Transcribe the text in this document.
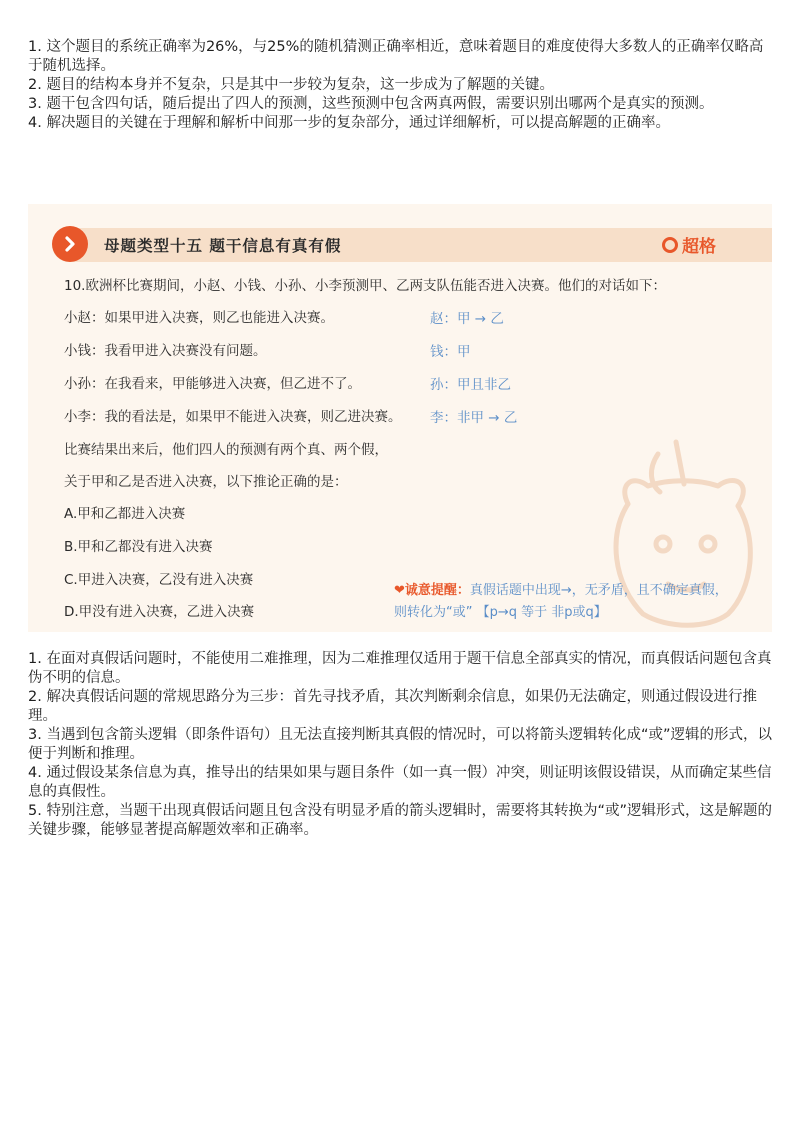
1. 这个题目的系统正确率为26%，与25%的随机猜测正确率相近，意味着题目的难度使得大多数人的正确率仅略高于随机选择。

2. 题目的结构本身并不复杂，只是其中一步较为复杂，这一步成为了解题的关键。

3. 题干包含四句话，随后提出了四人的预测，这些预测中包含两真两假，需要识别出哪两个是真实的预测。

4. 解决题目的关键在于理解和解析中间那一步的复杂部分，通过详细解析，可以提高解题的正确率。

母题类型十五 题干信息有真有假	超格
10.欧洲杯比赛期间，小赵、小钱、小孙、小李预测甲、乙两支队伍能否进入决赛。他们的对话如下：
小赵：如果甲进入决赛，则乙也能进入决赛。	赵：甲 → 乙
小钱：我看甲进入决赛没有问题。	钱：甲
小孙：在我看来，甲能够进入决赛，但乙进不了。	孙：甲且非乙
小李：我的看法是，如果甲不能进入决赛，则乙进决赛。 李：非甲 → 乙
比赛结果出来后，他们四人的预测有两个真、两个假，
关于甲和乙是否进入决赛，以下推论正确的是：
A.甲和乙都进入决赛
B.甲和乙都没有进入决赛
C.甲进入决赛，乙没有进入决赛
D.甲没有进入决赛，乙进入决赛
❤诚意提醒：真假话题中出现→，无矛盾，且不确定真假，
则转化为“或” 【p→q 等于 非p或q】

1. 在面对真假话问题时，不能使用二难推理，因为二难推理仅适用于题干信息全部真实的情况，而真假话问题包含真伪不明的信息。

2. 解决真假话问题的常规思路分为三步：首先寻找矛盾，其次判断剩余信息，如果仍无法确定，则通过假设进行推理。

3. 当遇到包含箭头逻辑（即条件语句）且无法直接判断其真假的情况时，可以将箭头逻辑转化成“或”逻辑的形式，以便于判断和推理。

4. 通过假设某条信息为真，推导出的结果如果与题目条件（如一真一假）冲突，则证明该假设错误，从而确定某些信息的真假性。

5. 特别注意，当题干出现真假话问题且包含没有明显矛盾的箭头逻辑时，需要将其转换为“或”逻辑形式，这是解题的关键步骤，能够显著提高解题效率和正确率。
